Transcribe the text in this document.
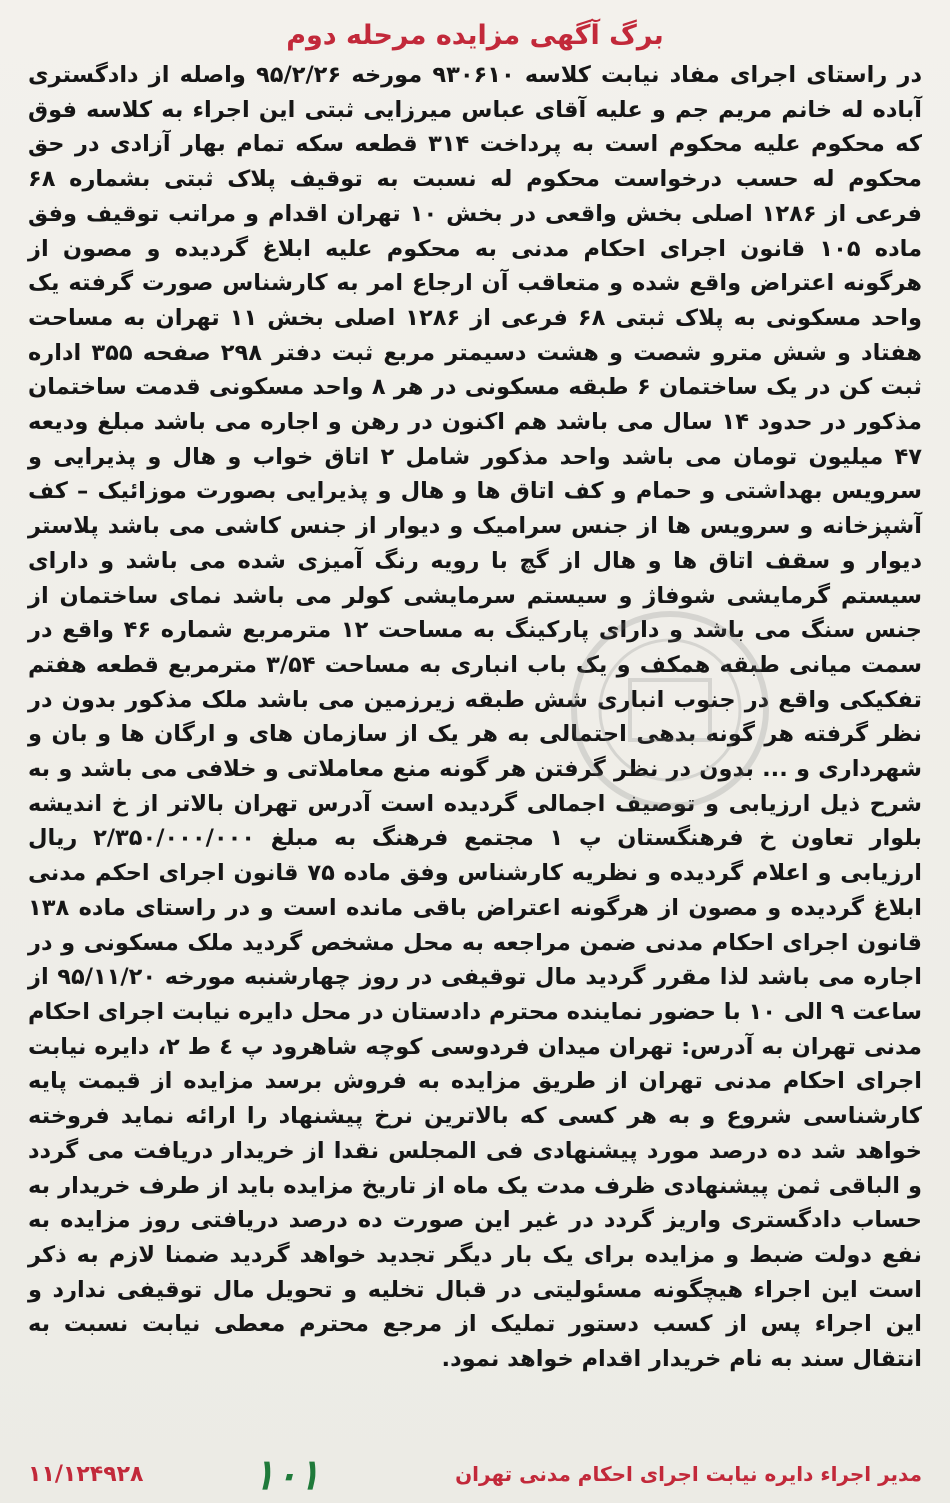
برگ آگهی مزایده مرحله دوم

در راستای اجرای مفاد نیابت کلاسه ۹۳۰۶۱۰ مورخه ۹۵/۲/۲۶ واصله از دادگستری آباده له خانم مریم جم و علیه آقای عباس میرزایی ثبتی این اجراء به کلاسه فوق که محکوم علیه محکوم است به پرداخت ۳۱۴ قطعه سکه تمام بهار آزادی در حق محکوم له حسب درخواست محکوم له نسبت به توقیف پلاک ثبتی بشماره ۶۸ فرعی از ۱۲۸۶ اصلی بخش واقعی در بخش ۱۰ تهران اقدام و مراتب توقیف وفق ماده ۱۰۵ قانون اجرای احکام مدنی به محکوم علیه ابلاغ گردیده و مصون از هرگونه اعتراض واقع شده و متعاقب آن ارجاع امر به کارشناس صورت گرفته یک واحد مسکونی به پلاک ثبتی ۶۸ فرعی از ۱۲۸۶ اصلی بخش ۱۱ تهران به مساحت هفتاد و شش مترو شصت و هشت دسیمتر مربع ثبت دفتر ۲۹۸ صفحه ۳۵۵ اداره ثبت کن در یک ساختمان ۶ طبقه مسکونی در هر ۸ واحد مسکونی قدمت ساختمان مذکور در حدود ۱۴ سال می باشد هم اکنون در رهن و اجاره می باشد مبلغ ودیعه ۴۷ میلیون تومان می باشد واحد مذکور شامل ۲ اتاق خواب و هال و پذیرایی و سرویس بهداشتی و حمام و کف اتاق ها و هال و پذیرایی بصورت موزائیک – کف آشپزخانه و سرویس ها از جنس سرامیک و دیوار از جنس کاشی می باشد پلاستر دیوار و سقف اتاق ها و هال از گچ با رویه رنگ آمیزی شده می باشد و دارای سیستم گرمایشی شوفاژ و سیستم سرمایشی کولر می باشد نمای ساختمان از جنس سنگ می باشد و دارای پارکینگ به مساحت ۱۲ مترمربع شماره ۴۶ واقع در سمت میانی طبقه همکف و یک باب انباری به مساحت ۳/۵۴ مترمربع قطعه هفتم تفکیکی واقع در جنوب انباری شش طبقه زیرزمین می باشد ملک مذکور بدون در نظر گرفته هر گونه بدهی احتمالی به هر یک از سازمان های و ارگان ها و بان و شهرداری و ... بدون در نظر گرفتن هر گونه منع معاملاتی و خلافی می باشد و به شرح ذیل ارزیابی و توصیف اجمالی گردیده است آدرس تهران بالاتر از خ اندیشه بلوار تعاون خ فرهنگستان پ ۱ مجتمع فرهنگ به مبلغ ۲/۳۵۰/۰۰۰/۰۰۰ ریال ارزیابی و اعلام گردیده و نظریه کارشناس وفق ماده ۷۵ قانون اجرای احکم مدنی ابلاغ گردیده و مصون از هرگونه اعتراض باقی مانده است و در راستای ماده ۱۳۸ قانون اجرای احکام مدنی ضمن مراجعه به محل مشخص گردید ملک مسکونی و در اجاره می باشد لذا مقرر گردید مال توقیفی در روز چهارشنبه مورخه ۹۵/۱۱/۲۰ از ساعت ۹ الی ۱۰ با حضور نماینده محترم دادستان در محل دایره نیابت اجرای احکام مدنی تهران به آدرس: تهران میدان فردوسی کوچه شاهرود پ ٤ ط ۲، دایره نیابت اجرای احکام مدنی تهران از طریق مزایده به فروش برسد مزایده از قیمت پایه کارشناسی شروع و به هر کسی که بالاترین نرخ پیشنهاد را ارائه نماید فروخته خواهد شد ده درصد مورد پیشنهادی فی المجلس نقدا از خریدار دریافت می گردد و الباقی ثمن پیشنهادی ظرف مدت یک ماه از تاریخ مزایده باید از طرف خریدار به حساب دادگستری واریز گردد در غیر این صورت ده درصد دریافتی روز مزایده به نفع دولت ضبط و مزایده برای یک بار دیگر تجدید خواهد گردید ضمنا لازم به ذکر است این اجراء هیچگونه مسئولیتی در قبال تخلیه و تحویل مال توقیفی ندارد و این اجراء پس از کسب دستور تملیک از مرجع محترم معطی نیابت نسبت به انتقال سند به نام خریدار اقدام خواهد نمود.

مدیر اجراء دایره نیابت اجرای احکام مدنی تهران
۱۰۱
۱۱/۱۲۴۹۲۸
